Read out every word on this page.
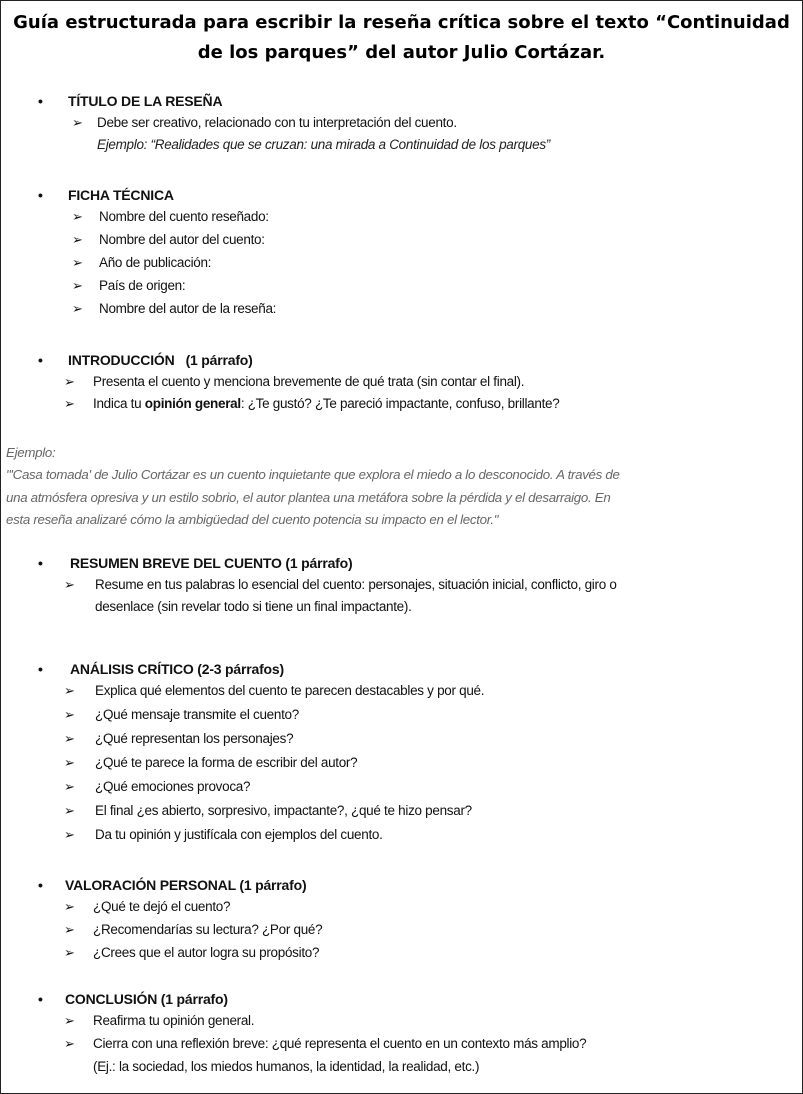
Guía estructurada para escribir la reseña crítica sobre el texto “Continuidad
de los parques” del autor Julio Cortázar.
• TÍTULO DE LA RESEÑA
➢ Debe ser creativo, relacionado con tu interpretación del cuento.
Ejemplo: “Realidades que se cruzan: una mirada a Continuidad de los parques”
• FICHA TÉCNICA
➢ Nombre del cuento reseñado:
➢ Nombre del autor del cuento:
➢ Año de publicación:
➢ País de origen:
➢ Nombre del autor de la reseña:
• INTRODUCCIÓN (1 párrafo)
➢ Presenta el cuento y menciona brevemente de qué trata (sin contar el final).
➢ Indica tu opinión general: ¿Te gustó? ¿Te pareció impactante, confuso, brillante?
Ejemplo:
"'Casa tomada' de Julio Cortázar es un cuento inquietante que explora el miedo a lo desconocido. A través de
una atmósfera opresiva y un estilo sobrio, el autor plantea una metáfora sobre la pérdida y el desarraigo. En
esta reseña analizaré cómo la ambigüedad del cuento potencia su impacto en el lector."
• RESUMEN BREVE DEL CUENTO (1 párrafo)
➢ Resume en tus palabras lo esencial del cuento: personajes, situación inicial, conflicto, giro o
desenlace (sin revelar todo si tiene un final impactante).
• ANÁLISIS CRÍTICO (2-3 párrafos)
➢ Explica qué elementos del cuento te parecen destacables y por qué.
➢ ¿Qué mensaje transmite el cuento?
➢ ¿Qué representan los personajes?
➢ ¿Qué te parece la forma de escribir del autor?
➢ ¿Qué emociones provoca?
➢ El final ¿es abierto, sorpresivo, impactante?, ¿qué te hizo pensar?
➢ Da tu opinión y justifícala con ejemplos del cuento.
• VALORACIÓN PERSONAL (1 párrafo)
➢ ¿Qué te dejó el cuento?
➢ ¿Recomendarías su lectura? ¿Por qué?
➢ ¿Crees que el autor logra su propósito?
• CONCLUSIÓN (1 párrafo)
➢ Reafirma tu opinión general.
➢ Cierra con una reflexión breve: ¿qué representa el cuento en un contexto más amplio?
(Ej.: la sociedad, los miedos humanos, la identidad, la realidad, etc.)
